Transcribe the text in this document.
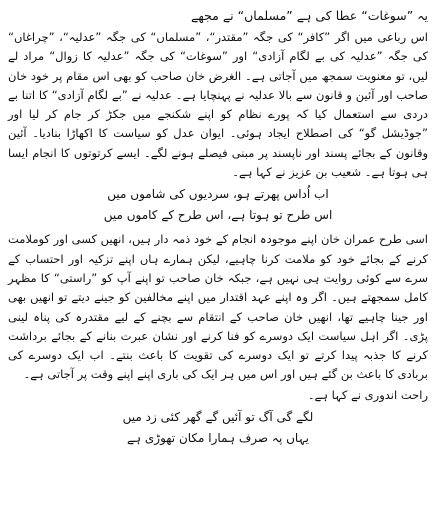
یہ ”سوغات“ عطا کی ہے ”مسلماں“ نے مجھے

اس رباعی میں اگر ”کافر“ کی جگہ ”مقتدر“، ”مسلماں“ کی جگہ ”عدلیہ“، ”چراغاں“ کی جگہ ”عدلیہ کی بے لگام آزادی“ اور ”سوغات“ کی جگہ ”عدلیہ کا زوال“ مراد لے لیں، تو معنویت سمجھ میں آجاتی ہے۔ الغرض خان صاحب کو بھی اس مقام پر خود خان صاحب اور آئین و قانون سے بالا عدلیہ نے پہنچایا ہے۔ عدلیہ نے ”بے لگام آزادی“ کا اتنا بے دردی سے استعمال کیا کہ پورے نظام کو اپنے شکنجے میں جکڑ کر جام کر لیا اور ”جوڈیشل گو“ کی اصطلاح ایجاد ہوئی۔ ایوان عدل کو سیاست کا اکھاڑا بنادیا۔ آئین وقانون کے بجائے پسند اور ناپسند پر مبنی فیصلے ہونے لگے۔ ایسے کرتوتوں کا انجام ایسا ہی ہوتا ہے۔ شعیب بن عزیز نے کہا ہے۔

اب اُداس پھرتے ہو، سردیوں کی شاموں میں

اس طرح تو ہوتا ہے، اس طرح کے کاموں میں

اسی طرح عمران خان اپنے موجودہ انجام کے خود ذمہ دار ہیں، انھیں کسی اور کوملامت کرنے کے بجائے خود کو ملامت کرنا چاہیے، لیکن ہمارے ہاں اپنے تزکیہ اور احتساب کے سرے سے کوئی روایت ہی نہیں ہے، جبکہ خان صاحب تو اپنے آپ کو ”راستی“ کا مظہر کامل سمجھتے ہیں۔ اگر وہ اپنے عہد اقتدار میں اپنے مخالفین کو جینے دیتے تو انھیں بھی اور جینا چاہیے تھا، انھیں خان صاحب کے انتقام سے بچنے کے لیے مقتدرہ کی پناہ لینی پڑی۔ اگر اہل سیاست ایک دوسرے کو فنا کرنے اور نشان عبرت بنانے کے بجائے برداشت کرنے کا جذبہ پیدا کرتے تو ایک دوسرے کی تقویت کا باعث بنتے۔ اب ایک دوسرے کی بربادی کا باعث بن گئے ہیں اور اس میں ہر ایک کی باری اپنے اپنے وقت پر آجاتی ہے۔

راحت اندوری نے کہا ہے۔

لگے گی آگ تو آئیں گے گھر کئی زد میں

یہاں پہ صرف ہمارا مکان تھوڑی ہے
